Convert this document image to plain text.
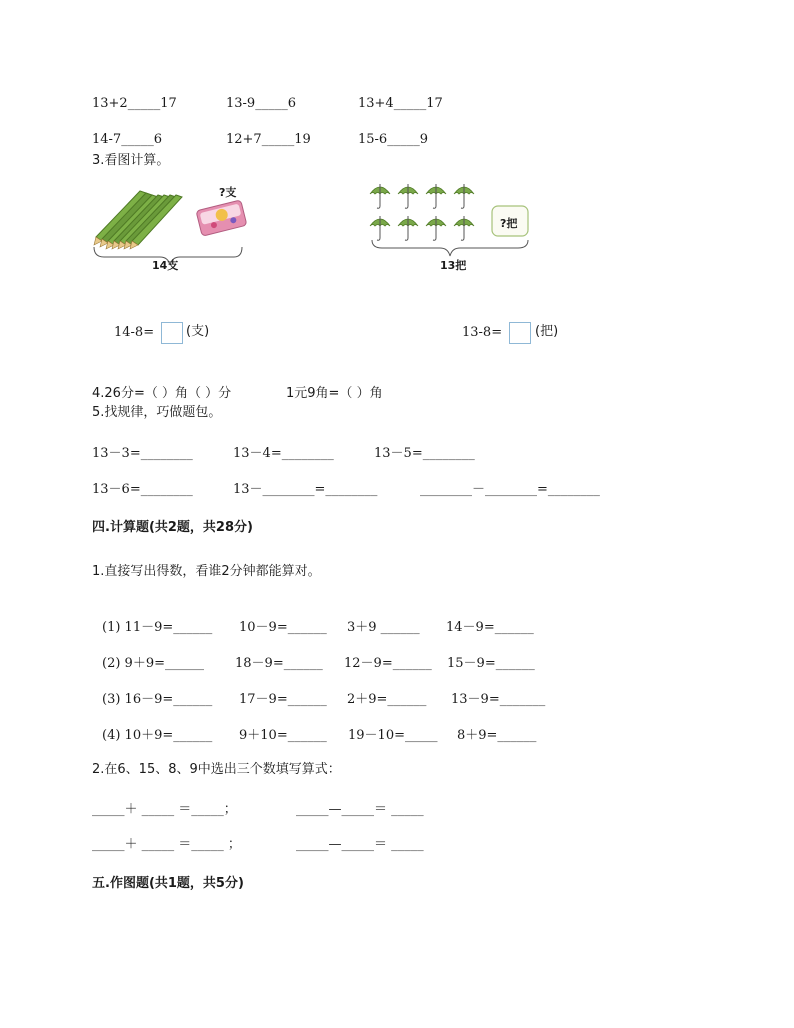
13+2_____17	13-9_____6	13+4_____17
14-7_____6	12+7_____19	15-6_____9
3.看图计算。
?支
14支
?把
13把
14-8= (支)	13-8=	(把)
4.26分=（ ）角（ ）分	1元9角=（ ）角
5.找规律，巧做题包。
13－3=________	13－4=________	13－5=________
13－6=________	13－________=________	________－________=________
四.计算题(共2题，共28分)
1.直接写出得数，看谁2分钟都能算对。
(1) 11－9=______ 10－9=______ 3＋9 ______ 14－9=______
(2) 9＋9=______ 18－9=______ 12－9=______ 15－9=______
(3) 16－9=______ 17－9=______ 2＋9=______ 13－9=_______
(4) 10＋9=______ 9＋10=______ 19－10=_____ 8＋9=______
2.在6、15、8、9中选出三个数填写算式：
_____＋ _____ ＝_____；	_____—_____＝ _____
_____＋ _____ ＝_____ ；	_____—_____＝ _____
五.作图题(共1题，共5分)
